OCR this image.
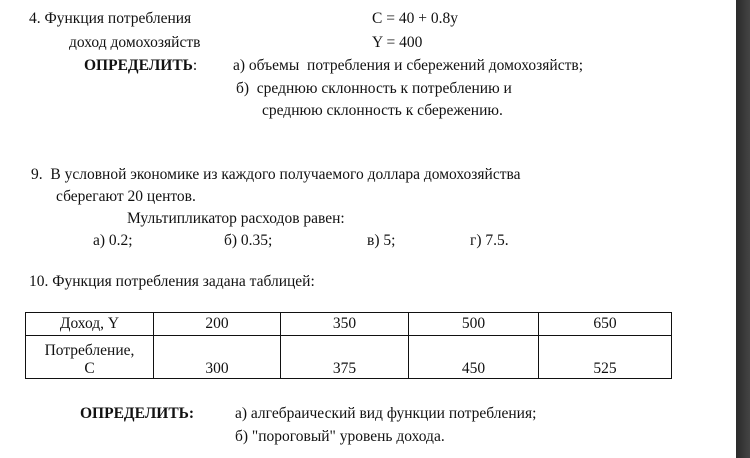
4. Функция потребления	C = 40 + 0.8y
доход домохозяйств	Y = 400
ОПРЕДЕЛИТЬ: а) объемы  потребления и сбережений домохозяйств;
б)  среднюю склонность к потреблению и
среднюю склонность к сбережению.
9.  В условной экономике из каждого получаемого доллара домохозяйства
сберегают 20 центов.
Мультипликатор расходов равен:
а) 0.2;	б) 0.35;	в) 5;	г) 7.5.
10. Функция потребления задана таблицей:
Доход, Y	200	350	500	650

Потребление,
C	300	375	450	525
ОПРЕДЕЛИТЬ:	а) алгебраический вид функции потребления;
б) "пороговый" уровень дохода.
